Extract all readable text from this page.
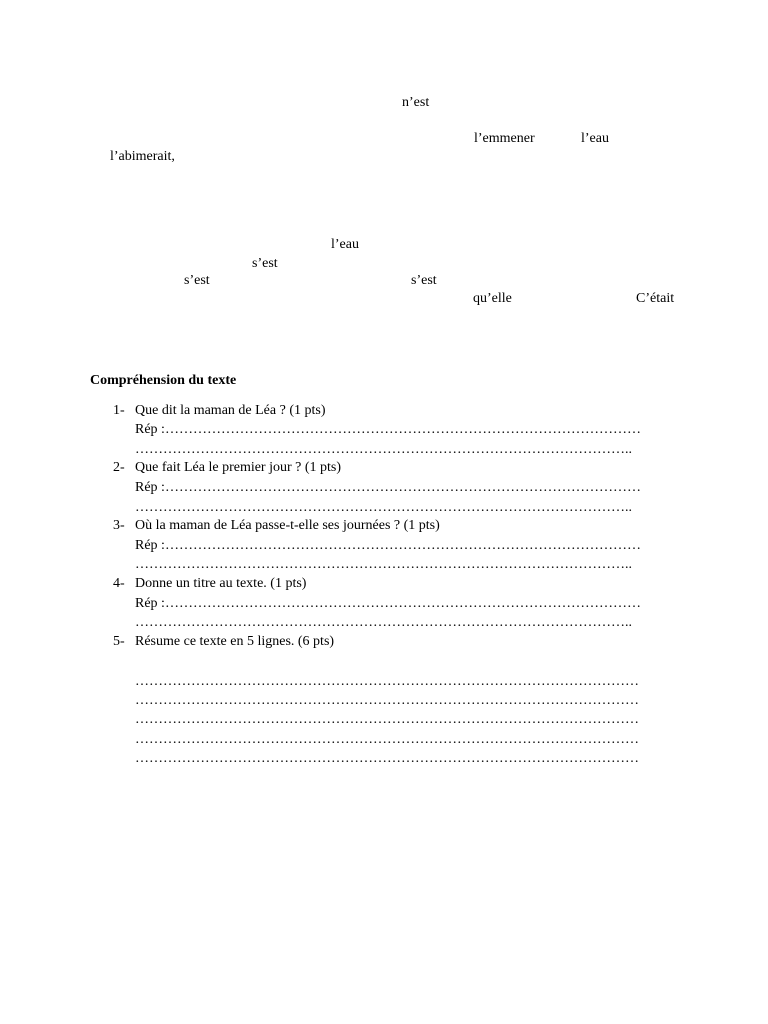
n’est
l’emmener	l’eau
l’abimerait,
l’eau
s’est
s’est	s’est
qu’elle	C’était
Compréhension du texte
1- Que dit la maman de Léa ? (1 pts)
Rép :…………………………………………………………………………………………
……………………………………………………………………………………………..
2- Que fait Léa le premier jour ? (1 pts)
Rép :…………………………………………………………………………………………
……………………………………………………………………………………………..
3- Où la maman de Léa passe-t-elle ses journées ? (1 pts)
Rép :…………………………………………………………………………………………
……………………………………………………………………………………………..
4- Donne un titre au texte. (1 pts)
Rép :…………………………………………………………………………………………
……………………………………………………………………………………………..
5- Résume ce texte en 5 lignes. (6 pts)
………………………………………………………………………………………………
………………………………………………………………………………………………
………………………………………………………………………………………………
………………………………………………………………………………………………
………………………………………………………………………………………………
